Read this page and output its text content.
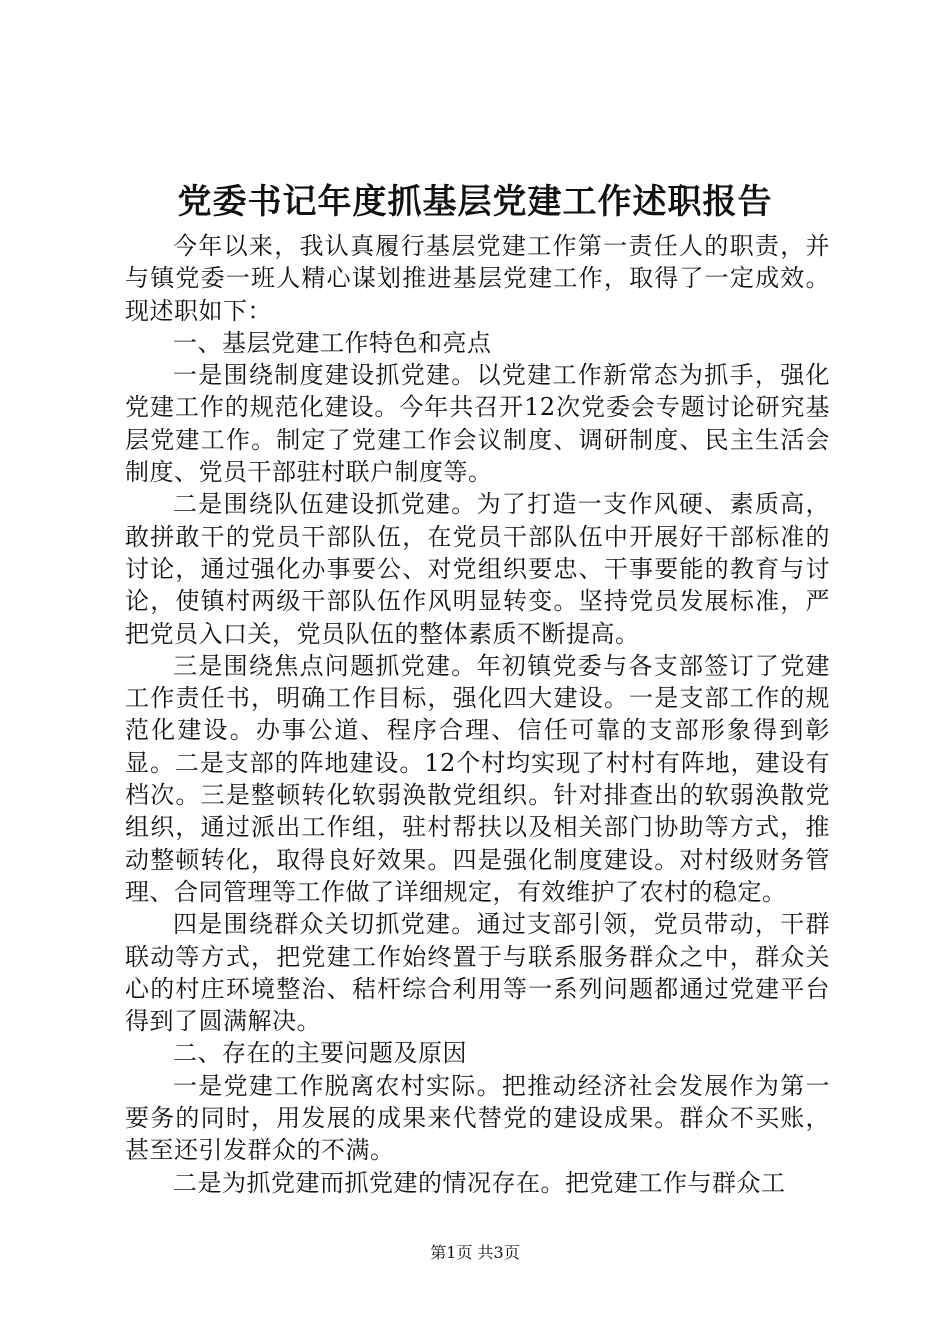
党委书记年度抓基层党建工作述职报告

今年以来，我认真履行基层党建工作第一责任人的职责，并与镇党委一班人精心谋划推进基层党建工作，取得了一定成效。现述职如下：

一、基层党建工作特色和亮点

一是围绕制度建设抓党建。以党建工作新常态为抓手，强化党建工作的规范化建设。今年共召开12次党委会专题讨论研究基层党建工作。制定了党建工作会议制度、调研制度、民主生活会制度、党员干部驻村联户制度等。

二是围绕队伍建设抓党建。为了打造一支作风硬、素质高，敢拼敢干的党员干部队伍，在党员干部队伍中开展好干部标准的讨论，通过强化办事要公、对党组织要忠、干事要能的教育与讨论，使镇村两级干部队伍作风明显转变。坚持党员发展标准，严把党员入口关，党员队伍的整体素质不断提高。

三是围绕焦点问题抓党建。年初镇党委与各支部签订了党建工作责任书，明确工作目标，强化四大建设。一是支部工作的规范化建设。办事公道、程序合理、信任可靠的支部形象得到彰显。二是支部的阵地建设。12个村均实现了村村有阵地，建设有档次。三是整顿转化软弱涣散党组织。针对排查出的软弱涣散党组织，通过派出工作组，驻村帮扶以及相关部门协助等方式，推动整顿转化，取得良好效果。四是强化制度建设。对村级财务管理、合同管理等工作做了详细规定，有效维护了农村的稳定。

四是围绕群众关切抓党建。通过支部引领，党员带动，干群联动等方式，把党建工作始终置于与联系服务群众之中，群众关心的村庄环境整治、秸杆综合利用等一系列问题都通过党建平台得到了圆满解决。

二、存在的主要问题及原因

一是党建工作脱离农村实际。把推动经济社会发展作为第一要务的同时，用发展的成果来代替党的建设成果。群众不买账，甚至还引发群众的不满。

二是为抓党建而抓党建的情况存在。把党建工作与群众工

第1页 共3页
